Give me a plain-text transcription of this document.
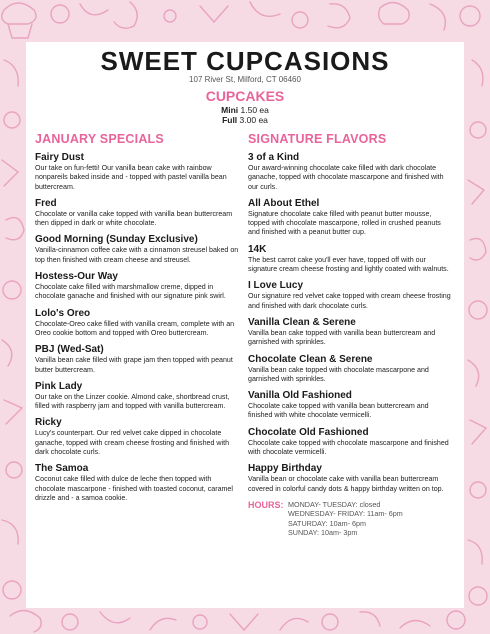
SWEET CUPCASIONS
107 River St, Milford, CT 06460
CUPCAKES
Mini 1.50 ea
Full 3.00 ea
JANUARY SPECIALS
Fairy Dust
Our take on fun-fetti! Our vanilla bean cake with rainbow nonpareils baked inside and - topped with pastel vanilla bean buttercream.
Fred
Chocolate or vanilla cake topped with vanilla bean buttercream then dipped in dark or white chocolate.
Good Morning (Sunday Exclusive)
Vanilla-cinnamon coffee cake with a cinnamon streusel baked on top then finished with cream cheese and streusel.
Hostess-Our Way
Chocolate cake filled with marshmallow creme, dipped in chocolate ganache and finished with our signature pink swirl.
Lolo's Oreo
Chocolate-Oreo cake filled with vanilla cream, complete with an Oreo cookie bottom and topped with Oreo buttercream.
PBJ (Wed-Sat)
Vanilla bean cake filled with grape jam then topped with peanut butter buttercream.
Pink Lady
Our take on the Linzer cookie. Almond cake, shortbread crust, filled with raspberry jam and topped with vanilla buttercream.
Ricky
Lucy's counterpart. Our red velvet cake dipped in chocolate ganache, topped with cream cheese frosting and finished with dark chocolate curls.
The Samoa
Coconut cake filled with dulce de leche then topped with chocolate mascarpone - finished with toasted coconut, caramel drizzle and - a samoa cookie.
SIGNATURE FLAVORS
3 of a Kind
Our award-winning chocolate cake filled with dark chocolate ganache, topped with chocolate mascarpone and finished with our curls.
All About Ethel
Signature chocolate cake filled with peanut butter mousse, topped with chocolate mascarpone, rolled in crushed peanuts and finished with a peanut butter cup.
14K
The best carrot cake you'll ever have, topped off with our signature cream cheese frosting and lightly coated with walnuts.
I Love Lucy
Our signature red velvet cake topped with cream cheese frosting and finished with dark chocolate curls.
Vanilla Clean & Serene
Vanilla bean cake topped with vanilla bean buttercream and garnished with sprinkles.
Chocolate Clean & Serene
Vanilla bean cake topped with chocolate mascarpone and garnished with sprinkles.
Vanilla Old Fashioned
Chocolate cake topped with vanilla bean buttercream and finished with white chocolate vermicelli.
Chocolate Old Fashioned
Chocolate cake topped with chocolate mascarpone and finished with chocolate vermicelli.
Happy Birthday
Vanilla bean or chocolate cake with vanilla bean buttercream covered in colorful candy dots & happy birthday written on top.
HOURS: MONDAY- TUESDAY: closed
WEDNESDAY- FRIDAY: 11am- 6pm
SATURDAY: 10am- 6pm
SUNDAY: 10am- 3pm
